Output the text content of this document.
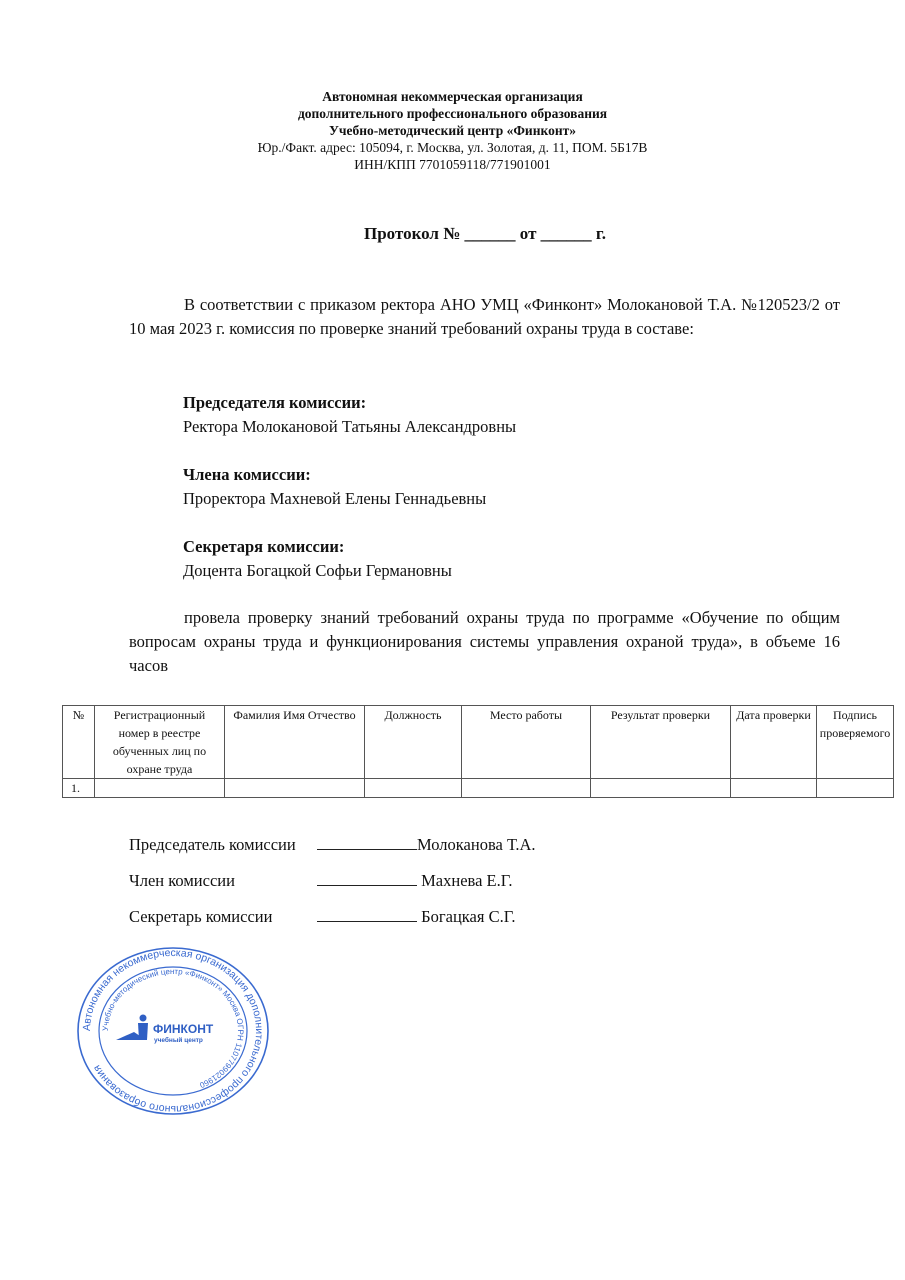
Автономная некоммерческая организация
дополнительного профессионального образования
Учебно-методический центр «Финконт»
Юр./Факт. адрес: 105094, г. Москва, ул. Золотая, д. 11, ПОМ. 5Б17В
ИНН/КПП 7701059118/771901001
Протокол № ______ от ______ г.
В соответствии с приказом ректора АНО УМЦ «Финконт» Молокановой Т.А. №120523/2 от 10 мая 2023 г. комиссия по проверке знаний требований охраны труда в составе:
Председателя комиссии:
Ректора Молокановой Татьяны Александровны
Члена комиссии:
Проректора Махневой Елены Геннадьевны
Секретаря комиссии:
Доцента Богацкой Софьи Германовны
провела проверку знаний требований охраны труда по программе «Обучение по общим вопросам охраны труда и функционирования системы управления охраной труда», в объеме 16 часов
№	Регистрационный номер в реестре обученных лиц по охране труда	Фамилия Имя Отчество	Должность	Место работы	Результат проверки	Дата проверки	Подпись проверяемого
1.							
Председатель комиссии	Молоканова Т.А.
Член комиссии	Махнева Е.Г.
Секретарь комиссии	Богацкая С.Г.
Автономная некоммерческая организация дополнительного профессионального образования
Учебно-методический центр «Финконт» Москва ОГРН 1107799021960
ФИНКОНТ
учебный центр
